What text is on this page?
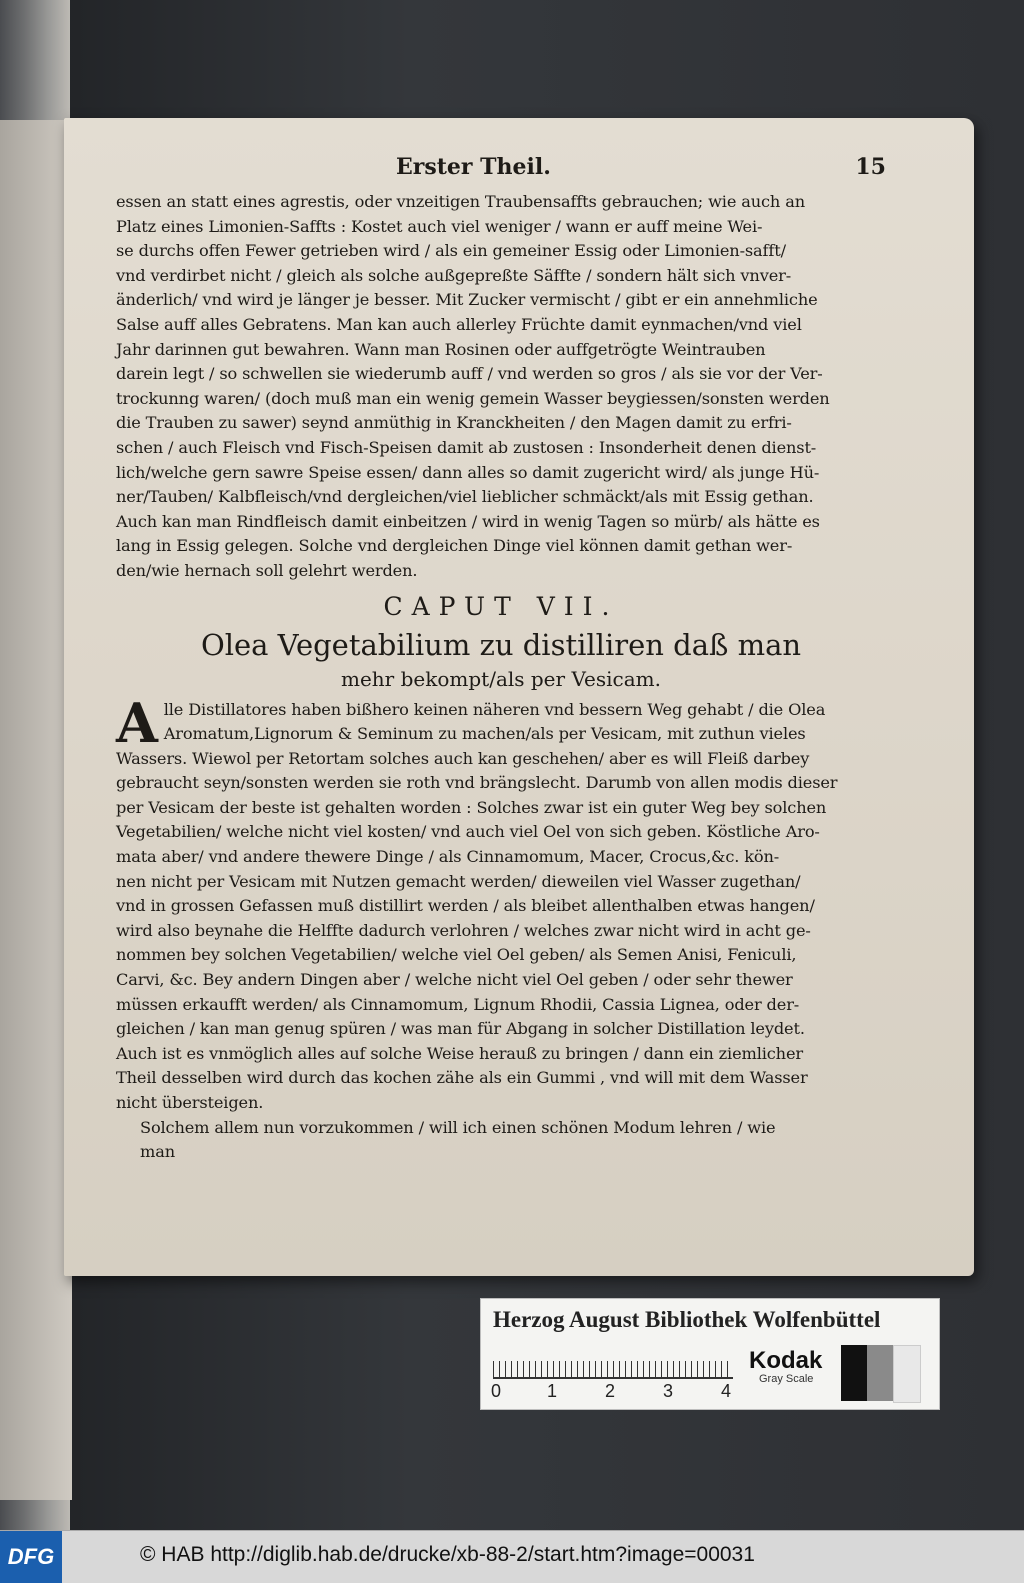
Erster Theil.	15

essen an statt eines agrestis, oder vnzeitigen Traubensaffts gebrauchen; wie auch an
Platz eines Limonien-Saffts : Kostet auch viel weniger / wann er auff meine Wei-
se durchs offen Fewer getrieben wird / als ein gemeiner Essig oder Limonien-safft/
vnd verdirbet nicht / gleich als solche außgepreßte Säffte / sondern hält sich vnver-
änderlich/ vnd wird je länger je besser. Mit Zucker vermischt / gibt er ein annehmliche
Salse auff alles Gebratens. Man kan auch allerley Früchte damit eynmachen/vnd viel
Jahr darinnen gut bewahren. Wann man Rosinen oder auffgetrögte Weintrauben
darein legt / so schwellen sie wiederumb auff / vnd werden so gros / als sie vor der Ver-
trockunng waren/ (doch muß man ein wenig gemein Wasser beygiessen/sonsten werden
die Trauben zu sawer) seynd anmüthig in Kranckheiten / den Magen damit zu erfri-
schen / auch Fleisch vnd Fisch-Speisen damit ab zustosen : Insonderheit denen dienst-
lich/welche gern sawre Speise essen/ dann alles so damit zugericht wird/ als junge Hü-
ner/Tauben/ Kalbfleisch/vnd dergleichen/viel lieblicher schmäckt/als mit Essig gethan.
Auch kan man Rindfleisch damit einbeitzen / wird in wenig Tagen so mürb/ als hätte es
lang in Essig gelegen. Solche vnd dergleichen Dinge viel können damit gethan wer-
den/wie hernach soll gelehrt werden.

CAPUT VII.
Olea Vegetabilium zu distilliren daß man
mehr bekompt/als per Vesicam.

A lle Distillatores haben bißhero keinen näheren vnd bessern Weg gehabt / die Olea
Aromatum,Lignorum & Seminum zu machen/als per Vesicam, mit zuthun vieles
Wassers. Wiewol per Retortam solches auch kan geschehen/ aber es will Fleiß darbey
gebraucht seyn/sonsten werden sie roth vnd brängslecht. Darumb von allen modis dieser
per Vesicam der beste ist gehalten worden : Solches zwar ist ein guter Weg bey solchen
Vegetabilien/ welche nicht viel kosten/ vnd auch viel Oel von sich geben. Köstliche Aro-
mata aber/ vnd andere thewere Dinge / als Cinnamomum, Macer, Crocus,&c. kön-
nen nicht per Vesicam mit Nutzen gemacht werden/ dieweilen viel Wasser zugethan/
vnd in grossen Gefassen muß distillirt werden / als bleibet allenthalben etwas hangen/
wird also beynahe die Helffte dadurch verlohren / welches zwar nicht wird in acht ge-
nommen bey solchen Vegetabilien/ welche viel Oel geben/ als Semen Anisi, Feniculi,
Carvi, &c. Bey andern Dingen aber / welche nicht viel Oel geben / oder sehr thewer
müssen erkaufft werden/ als Cinnamomum, Lignum Rhodii, Cassia Lignea, oder der-
gleichen / kan man genug spüren / was man für Abgang in solcher Distillation leydet.
Auch ist es vnmöglich alles auf solche Weise herauß zu bringen / dann ein ziemlicher
Theil desselben wird durch das kochen zähe als ein Gummi , vnd will mit dem Wasser
nicht übersteigen.

Solchem allem nun vorzukommen / will ich einen schönen Modum lehren / wie
man

Herzog August Bibliothek Wolfenbüttel
0	1	2	3	4
Kodak
Gray Scale
DFG	© HAB http://diglib.hab.de/drucke/xb-88-2/start.htm?image=00031
